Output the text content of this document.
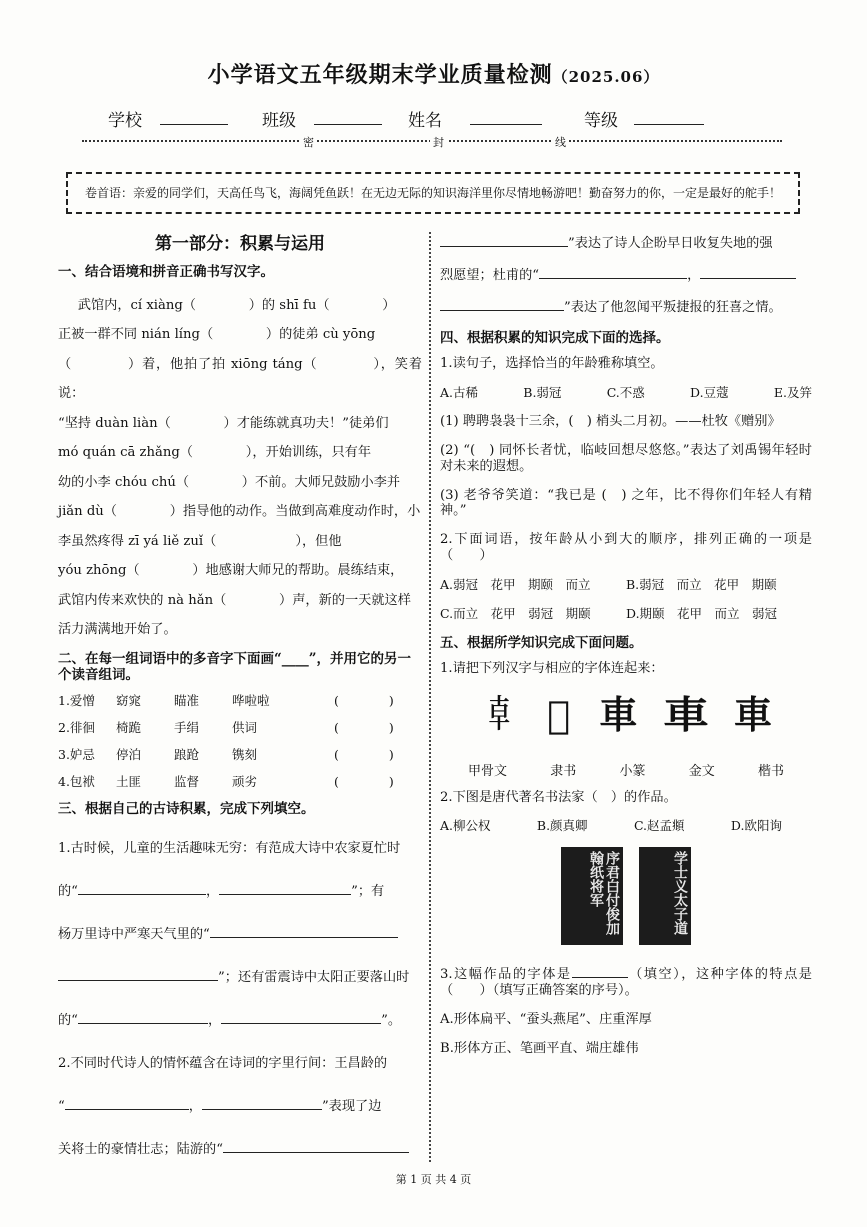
小学语文五年级期末学业质量检测（2025.06）
学校	班级	姓名	等级
密	封	线
卷首语：亲爱的同学们，天高任鸟飞，海阔凭鱼跃！在无边无际的知识海洋里你尽情地畅游吧！勤奋努力的你，一定是最好的舵手！
第一部分：积累与运用
一、结合语境和拼音正确书写汉字。
武馆内，cí xiàng（　　　　）的 shī fu（　　　　）
正被一群不同 nián líng（　　　　）的徒弟 cù yōng
（　　　　）着，他拍了拍 xiōng táng（　　　　），笑着说：
“坚持 duàn liàn（　　　　）才能练就真功夫！”徒弟们
mó quán cā zhǎng（　　　　），开始训练，只有年
幼的小李 chóu chú（　　　　）不前。大师兄鼓励小李并
jiǎn dù（　　　　）指导他的动作。当做到高难度动作时，小
李虽然疼得 zī yá liě zuǐ（　　　　　　），但他
yóu zhōng（　　　　）地感谢大师兄的帮助。晨练结束，
武馆内传来欢快的 nà hǎn（　　　　）声，新的一天就这样
活力满满地开始了。
二、在每一组词语中的多音字下面画“____”，并用它的另一个读音组词。
1.爱憎	窈窕	瞄准	哗啦啦	(　　　　)
2.徘徊	椅跪	手绢	供词	(　　　　)
3.妒忌	停泊	踉跄	镌刻	(　　　　)
4.包袱	土匪	监督	顽劣	(　　　　)
三、根据自己的古诗积累，完成下列填空。
1.古时候，儿童的生活趣味无穷：有范成大诗中农家夏忙时
的“	，	”；有
杨万里诗中严寒天气里的“
”；还有雷震诗中太阳正要落山时
的“	，	”。
2.不同时代诗人的情怀蕴含在诗词的字里行间：王昌龄的
“	，	”表现了边
关将士的豪情壮志；陆游的“
”表达了诗人企盼早日收复失地的强
烈愿望；杜甫的“	，
”表达了他忽闻平叛捷报的狂喜之情。
四、根据积累的知识完成下面的选择。
1.读句子，选择恰当的年龄雅称填空。
A.古稀	B.弱冠	C.不惑	D.豆蔻	E.及笄
(1) 聘聘袅袅十三余，(　) 梢头二月初。——杜牧《赠别》
(2) “(　) 同怀长者忧，临岐回想尽悠悠。”表达了刘禹锡年轻时对未来的遐想。
(3) 老爷爷笑道：“我已是 (　) 之年，比不得你们年轻人有精神。”
2.下面词语，按年龄从小到大的顺序，排列正确的一项是（　　）
A.弱冠　花甲　期颐　而立	B.弱冠　而立　花甲　期颐
C.而立　花甲　弱冠　期颐	D.期颐　花甲　而立　弱冠
五、根据所学知识完成下面问题。
1.请把下列汉字与相应的字体连起来：
𠦝 𨋤 車 車 車
甲骨文	隶书	小篆	金文	楷书
2.下图是唐代著名书法家（　）的作品。
A.柳公权	B.颜真卿	C.赵孟頫	D.欧阳询
序君白付俊加翰纸将军	学士义太子道
3.这幅作品的字体是	（填空），这种字体的特点是（　　）（填写正确答案的序号）。
A.形体扁平、“蚕头燕尾”、庄重浑厚
B.形体方正、笔画平直、端庄雄伟
第 1 页 共 4 页
